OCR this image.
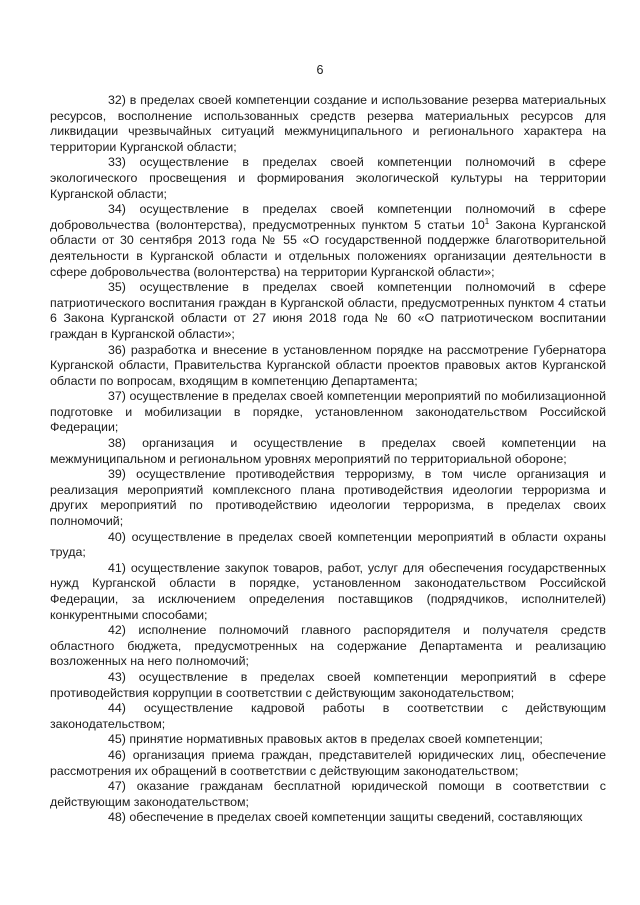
6

32) в пределах своей компетенции создание и использование резерва материальных ресурсов, восполнение использованных средств резерва материальных ресурсов для ликвидации чрезвычайных ситуаций межмуниципального и регионального характера на территории Курганской области;

33) осуществление в пределах своей компетенции полномочий в сфере экологического просвещения и формирования экологической культуры на территории Курганской области;

34) осуществление в пределах своей компетенции полномочий в сфере добровольчества (волонтерства), предусмотренных пунктом 5 статьи $10^1$ Закона Курганской области от 30 сентября 2013 года № 55 «О государственной поддержке благотворительной деятельности в Курганской области и отдельных положениях организации деятельности в сфере добровольчества (волонтерства) на территории Курганской области»;

35) осуществление в пределах своей компетенции полномочий в сфере патриотического воспитания граждан в Курганской области, предусмотренных пунктом 4 статьи 6 Закона Курганской области от 27 июня 2018 года № 60 «О патриотическом воспитании граждан в Курганской области»;

36) разработка и внесение в установленном порядке на рассмотрение Губернатора Курганской области, Правительства Курганской области проектов правовых актов Курганской области по вопросам, входящим в компетенцию Департамента;

37) осуществление в пределах своей компетенции мероприятий по мобилизационной подготовке и мобилизации в порядке, установленном законодательством Российской Федерации;

38) организация и осуществление в пределах своей компетенции на межмуниципальном и региональном уровнях мероприятий по территориальной обороне;

39) осуществление противодействия терроризму, в том числе организация и реализация мероприятий комплексного плана противодействия идеологии терроризма и других мероприятий по противодействию идеологии терроризма, в пределах своих полномочий;

40) осуществление в пределах своей компетенции мероприятий в области охраны труда;

41) осуществление закупок товаров, работ, услуг для обеспечения государственных нужд Курганской области в порядке, установленном законодательством Российской Федерации, за исключением определения поставщиков (подрядчиков, исполнителей) конкурентными способами;

42) исполнение полномочий главного распорядителя и получателя средств областного бюджета, предусмотренных на содержание Департамента и реализацию возложенных на него полномочий;

43) осуществление в пределах своей компетенции мероприятий в сфере противодействия коррупции в соответствии с действующим законодательством;

44) осуществление кадровой работы в соответствии с действующим законодательством;

45) принятие нормативных правовых актов в пределах своей компетенции;

46) организация приема граждан, представителей юридических лиц, обеспечение рассмотрения их обращений в соответствии с действующим законодательством;

47) оказание гражданам бесплатной юридической помощи в соответствии с действующим законодательством;

48) обеспечение в пределах своей компетенции защиты сведений, составляющих
